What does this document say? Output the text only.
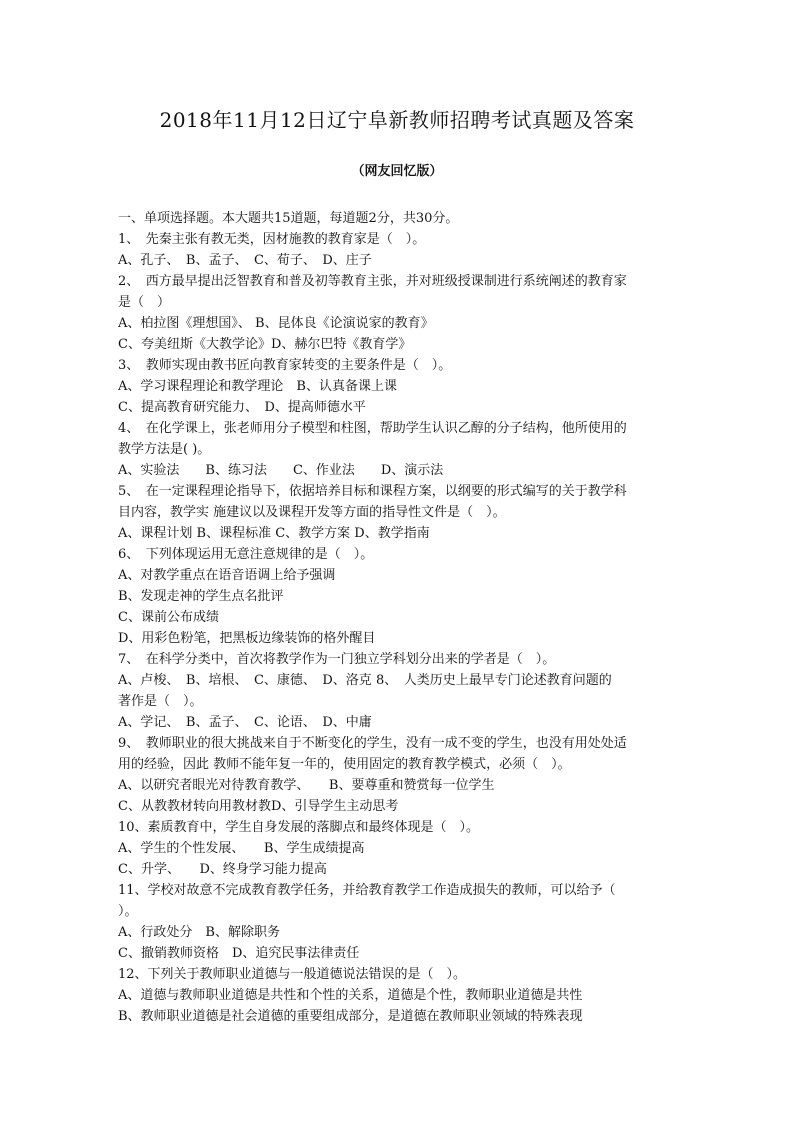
2018年11月12日辽宁阜新教师招聘考试真题及答案
（网友回忆版）
一、单项选择题。本大题共15道题，每道题2分，共30分。
1、　先秦主张有教无类，因材施教的教育家是（　）。
A、孔子、　B、孟子、　C、荀子、　D、庄子
2、　西方最早提出泛智教育和普及初等教育主张，并对班级授课制进行系统阐述的教育家
是（　）
A、柏拉图《理想国》、 B、昆体良《论演说家的教育》
C、夸美纽斯《大教学论》D、赫尔巴特《教育学》
3、　教师实现由教书匠向教育家转变的主要条件是（　）。
A、学习课程理论和教学理论　B、认真备课上课
C、提高教育研究能力、　D、提高师德水平
4、　在化学课上，张老师用分子模型和柱图，帮助学生认识乙醇的分子结构，他所使用的
教学方法是( )。
A、实验法　　B、练习法　　C、作业法　　D、演示法
5、　在一定课程理论指导下，依据培养目标和课程方案，以纲要的形式编写的关于教学科
目内容，教学实 施建议以及课程开发等方面的指导性文件是（　）。
A、课程计划 B、课程标准 C、教学方案 D、教学指南
6、　下列体现运用无意注意规律的是（　）。
A、对教学重点在语音语调上给予强调
B、发现走神的学生点名批评
C、课前公布成绩
D、用彩色粉笔，把黑板边缘装饰的格外醒目
7、　在科学分类中，首次将教学作为一门独立学科划分出来的学者是（　）。
A、卢梭、　B、培根、　C、康德、　D、洛克 8、　人类历史上最早专门论述教育问题的
著作是（　）。
A、学记、　B、孟子、　C、论语、　D、中庸
9、　教师职业的很大挑战来自于不断变化的学生，没有一成不变的学生，也没有用处处适
用的经验，因此 教师不能年复一年的，使用固定的教育教学模式，必须（　）。
A、以研究者眼光对待教育教学、　　B、要尊重和赞赏每一位学生
C、从教教材转向用教材教D、引导学生主动思考
10、素质教育中，学生自身发展的落脚点和最终体现是（　）。
A、学生的个性发展、　　B、学生成绩提高
C、升学、　　D、终身学习能力提高
11、学校对故意不完成教育教学任务，并给教育教学工作造成损失的教师，可以给予（
）。
A、行政处分　B、解除职务
C、撤销教师资格　D、追究民事法律责任
12、下列关于教师职业道德与一般道德说法错误的是（　）。
A、道德与教师职业道德是共性和个性的关系，道德是个性，教师职业道德是共性
B、教师职业道德是社会道德的重要组成部分，是道德在教师职业领域的特殊表现
